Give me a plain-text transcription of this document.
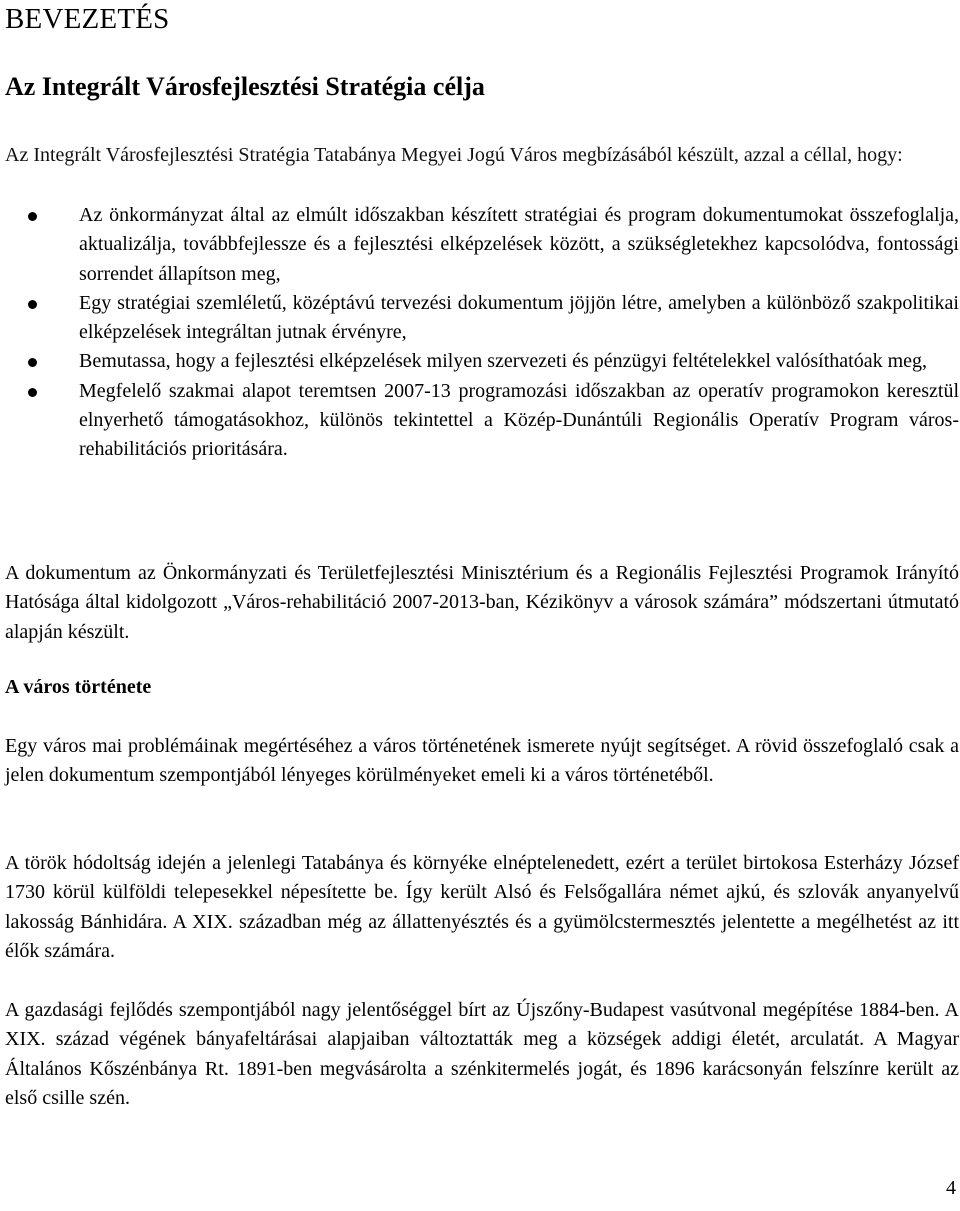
BEVEZETÉS
Az Integrált Városfejlesztési Stratégia célja

Az Integrált Városfejlesztési Stratégia Tatabánya Megyei Jogú Város megbízásából készült, azzal a céllal, hogy:

Az önkormányzat által az elmúlt időszakban készített stratégiai és program dokumentumokat összefoglalja, aktualizálja, továbbfejlessze és a fejlesztési elképzelések között, a szükségletekhez kapcsolódva, fontossági sorrendet állapítson meg,
Egy stratégiai szemléletű, középtávú tervezési dokumentum jöjjön létre, amelyben a különböző szakpolitikai elképzelések integráltan jutnak érvényre,
Bemutassa, hogy a fejlesztési elképzelések milyen szervezeti és pénzügyi feltételekkel valósíthatóak meg,
Megfelelő szakmai alapot teremtsen 2007-13 programozási időszakban az operatív programokon keresztül elnyerhető támogatásokhoz, különös tekintettel a Közép-Dunántúli Regionális Operatív Program város-rehabilitációs prioritására.

A dokumentum az Önkormányzati és Területfejlesztési Minisztérium és a Regionális Fejlesztési Programok Irányító Hatósága által kidolgozott „Város-rehabilitáció 2007-2013-ban, Kézikönyv a városok számára” módszertani útmutató alapján készült.

A város története

Egy város mai problémáinak megértéséhez a város történetének ismerete nyújt segítséget. A rövid összefoglaló csak a jelen dokumentum szempontjából lényeges körülményeket emeli ki a város történetéből.

A török hódoltság idején a jelenlegi Tatabánya és környéke elnéptelenedett, ezért a terület birtokosa Esterházy József 1730 körül külföldi telepesekkel népesítette be. Így került Alsó és Felsőgallára német ajkú, és szlovák anyanyelvű lakosság Bánhidára. A XIX. században még az állattenyésztés és a gyümölcstermesztés jelentette a megélhetést az itt élők számára.

A gazdasági fejlődés szempontjából nagy jelentőséggel bírt az Újszőny-Budapest vasútvonal megépítése 1884-ben. A XIX. század végének bányafeltárásai alapjaiban változtatták meg a községek addigi életét, arculatát. A Magyar Általános Kőszénbánya Rt. 1891-ben megvásárolta a szénkitermelés jogát, és 1896 karácsonyán felszínre került az első csille szén.

4
